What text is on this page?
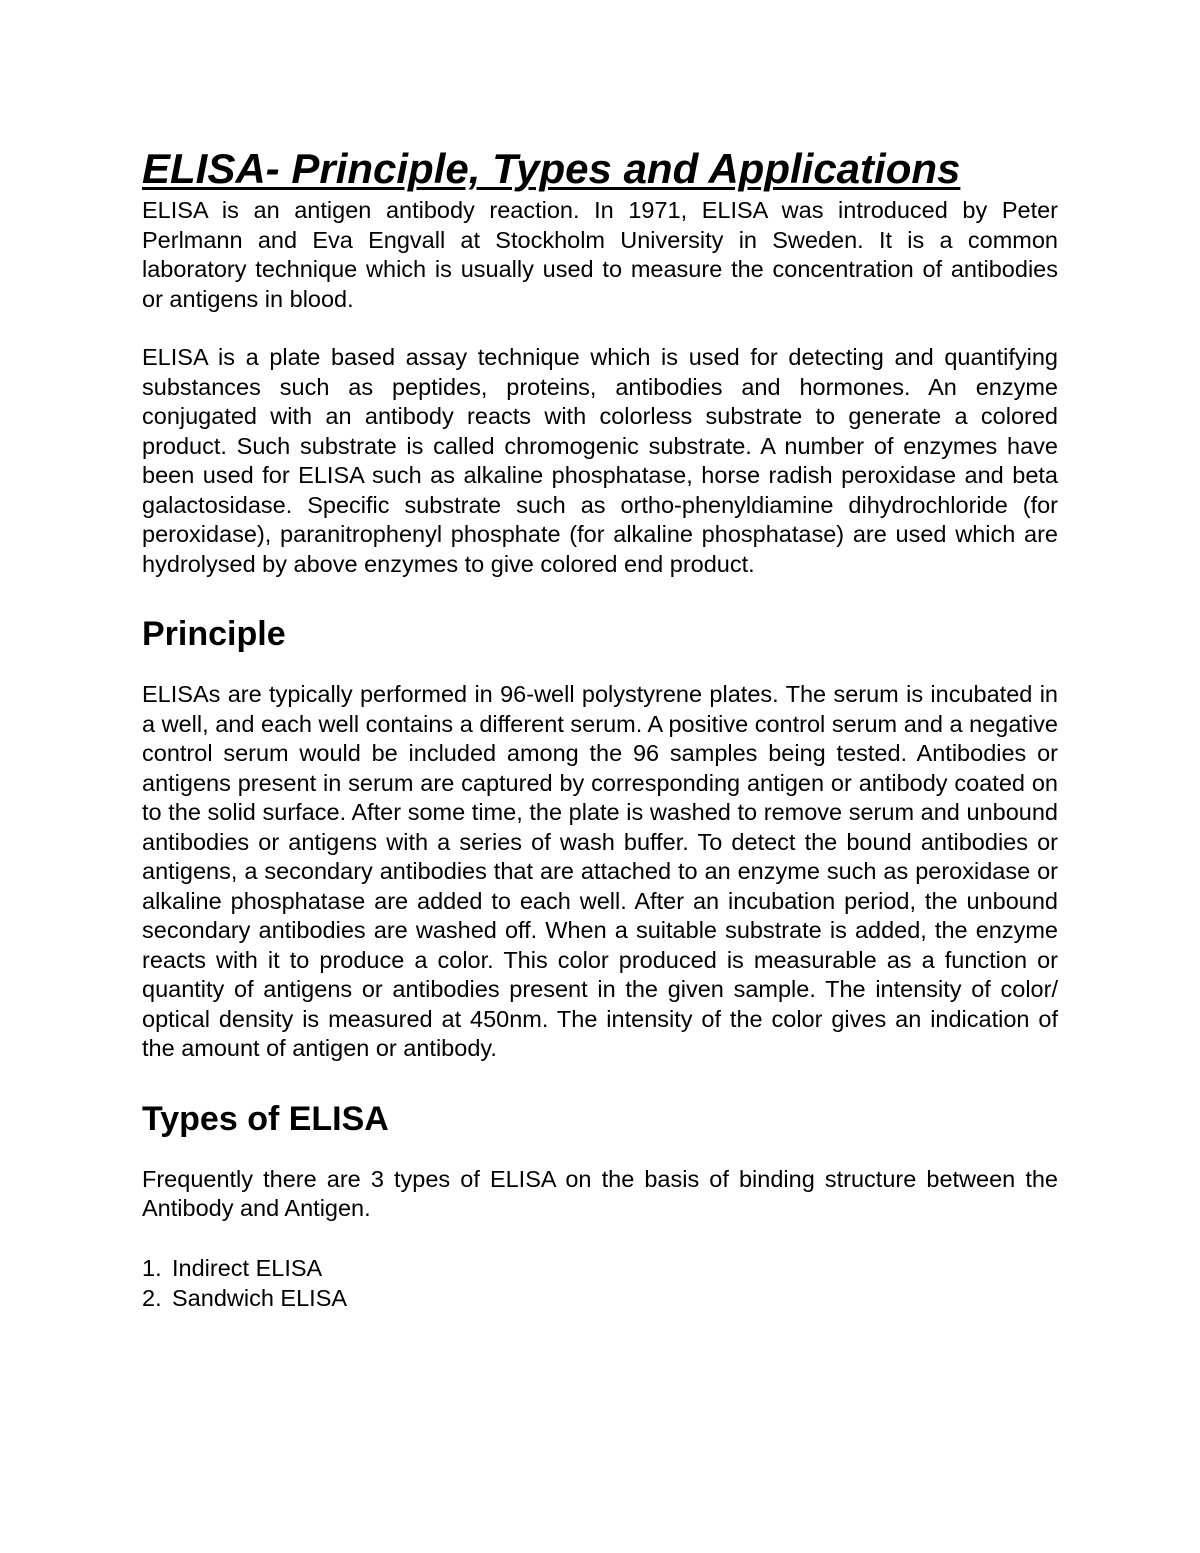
ELISA- Principle, Types and Applications

ELISA is an antigen antibody reaction. In 1971, ELISA was introduced by Peter Perlmann and Eva Engvall at Stockholm University in Sweden. It is a common laboratory technique which is usually used to measure the concentration of antibodies or antigens in blood.

ELISA is a plate based assay technique which is used for detecting and quantifying substances such as peptides, proteins, antibodies and hormones. An enzyme conjugated with an antibody reacts with colorless substrate to generate a colored product. Such substrate is called chromogenic substrate. A number of enzymes have been used for ELISA such as alkaline phosphatase, horse radish peroxidase and beta galactosidase. Specific substrate such as ortho-phenyldiamine dihydrochloride (for peroxidase), paranitrophenyl phosphate (for alkaline phosphatase) are used which are hydrolysed by above enzymes to give colored end product.

Principle

ELISAs are typically performed in 96-well polystyrene plates. The serum is incubated in a well, and each well contains a different serum. A positive control serum and a negative control serum would be included among the 96 samples being tested. Antibodies or antigens present in serum are captured by corresponding antigen or antibody coated on to the solid surface. After some time, the plate is washed to remove serum and unbound antibodies or antigens with a series of wash buffer. To detect the bound antibodies or antigens, a secondary antibodies that are attached to an enzyme such as peroxidase or alkaline phosphatase are added to each well. After an incubation period, the unbound secondary antibodies are washed off. When a suitable substrate is added, the enzyme reacts with it to produce a color. This color produced is measurable as a function or quantity of antigens or antibodies present in the given sample. The intensity of color/ optical density is measured at 450nm. The intensity of the color gives an indication of the amount of antigen or antibody.

Types of ELISA

Frequently there are 3 types of ELISA on the basis of binding structure between the Antibody and Antigen.

1. Indirect ELISA
2. Sandwich ELISA
